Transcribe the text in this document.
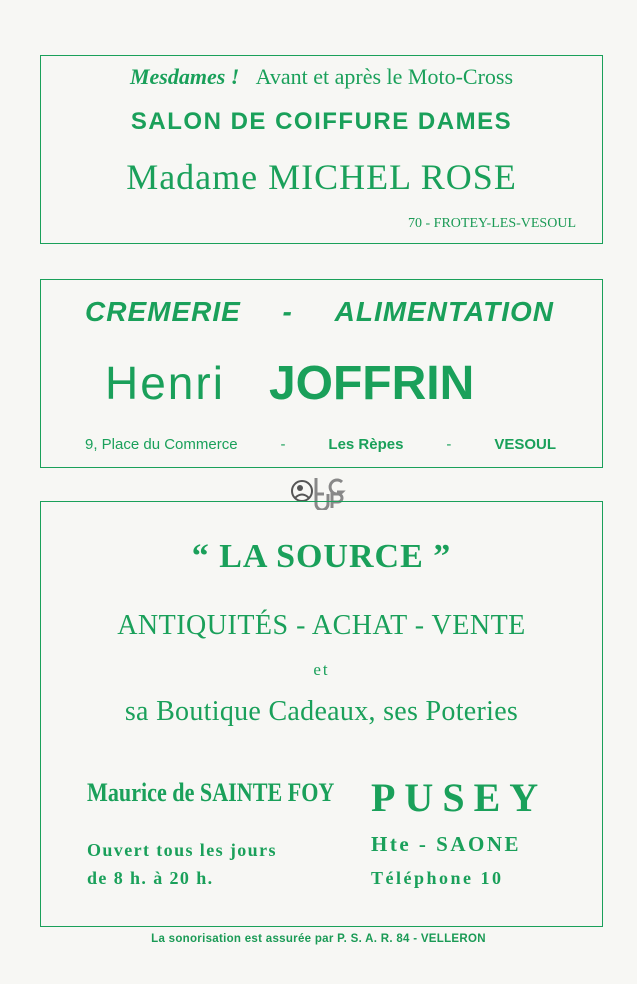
Mesdames ! Avant et après le Moto-Cross
SALON DE COIFFURE DAMES
Madame MICHEL ROSE
70 - FROTEY-LES-VESOUL
CREMERIE - ALIMENTATION
Henri JOFFRIN
9, Place du Commerce	-	Les Rèpes	-	VESOUL
“ LA SOURCE ”
ANTIQUITÉS - ACHAT - VENTE
et
sa Boutique Cadeaux, ses Poteries
Maurice de SAINTE FOY PUSEY
Ouvert tous les jours
de 8 h. à 20 h.
Hte - SAONE
Téléphone 10
La sonorisation est assurée par P. S. A. R. 84 - VELLERON
